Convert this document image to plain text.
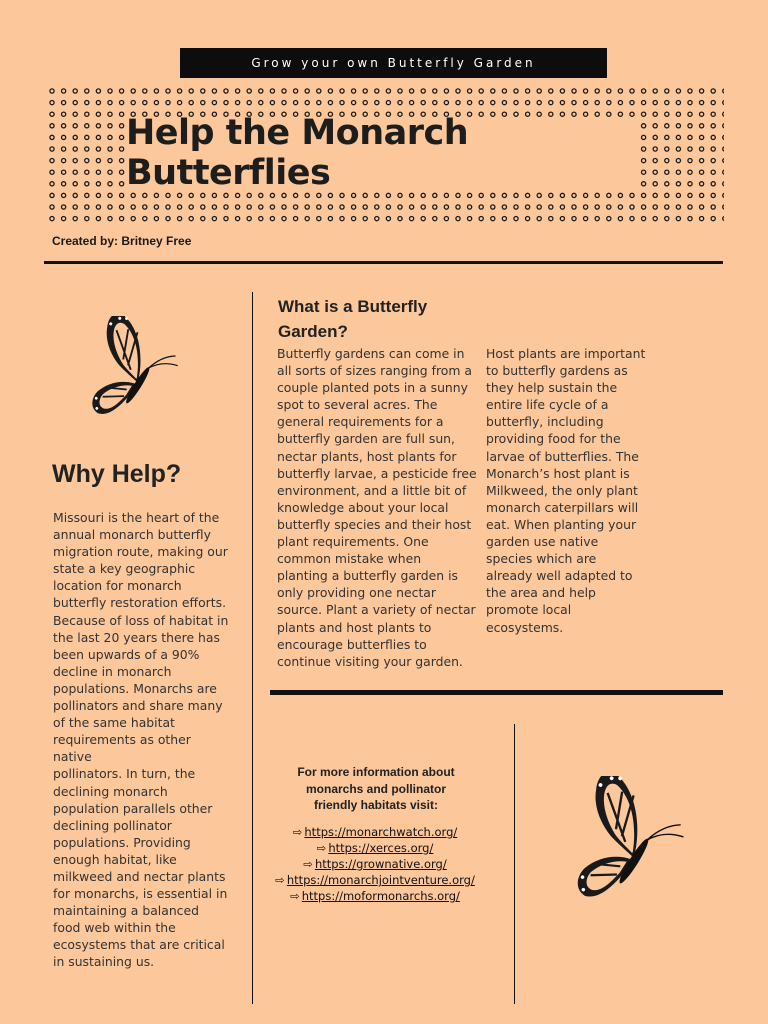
Grow your own Butterfly Garden
Help the Monarch Butterflies
Created by: Britney Free
Why Help?
Missouri is the heart of the
annual monarch butterfly
migration route, making our
state a key geographic
location for monarch
butterfly restoration efforts.
Because of loss of habitat in
the last 20 years there has
been upwards of a 90%
decline in monarch
populations. Monarchs are
pollinators and share many
of the same habitat
requirements as other native
pollinators. In turn, the
declining monarch
population parallels other
declining pollinator
populations. Providing
enough habitat, like
milkweed and nectar plants
for monarchs, is essential in
maintaining a balanced
food web within the
ecosystems that are critical
in sustaining us.
What is a Butterfly
Garden?
Butterfly gardens can come in
all sorts of sizes ranging from a
couple planted pots in a sunny
spot to several acres. The
general requirements for a
butterfly garden are full sun,
nectar plants, host plants for
butterfly larvae, a pesticide free
environment, and a little bit of
knowledge about your local
butterfly species and their host
plant requirements. One
common mistake when
planting a butterfly garden is
only providing one nectar
source. Plant a variety of nectar
plants and host plants to
encourage butterflies to
continue visiting your garden.
Host plants are important
to butterfly gardens as
they help sustain the
entire life cycle of a
butterfly, including
providing food for the
larvae of butterflies. The
Monarch’s host plant is
Milkweed, the only plant
monarch caterpillars will
eat. When planting your
garden use native
species which are
already well adapted to
the area and help
promote local
ecosystems.
For more information about
monarchs and pollinator
friendly habitats visit:
⇨ https://monarchwatch.org/
⇨ https://xerces.org/
⇨ https://grownative.org/
⇨ https://monarchjointventure.org/
⇨ https://moformonarchs.org/
